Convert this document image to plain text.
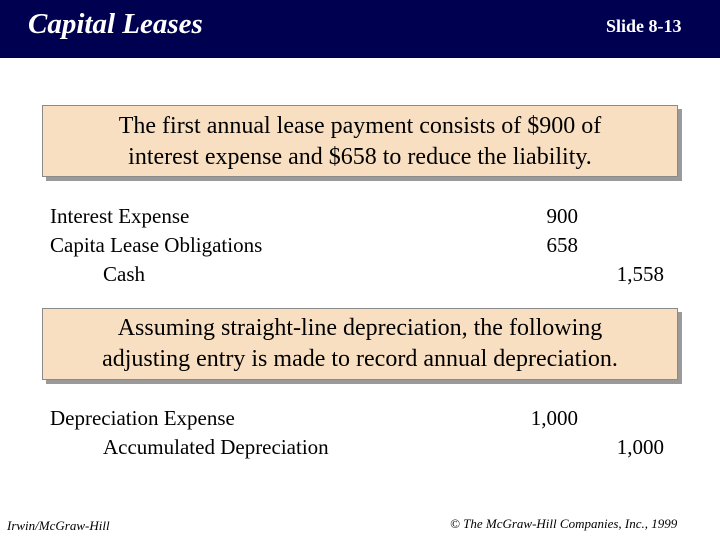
Capital Leases	Slide 8-13
The first annual lease payment consists of $900 of
interest expense and $658 to reduce the liability.
Interest Expense	900
Capita Lease Obligations	658
Cash	1,558
Assuming straight-line depreciation, the following
adjusting entry is made to record annual depreciation.
Depreciation Expense	1,000
Accumulated Depreciation	1,000
Irwin/McGraw-Hill	© The McGraw-Hill Companies, Inc., 1999
